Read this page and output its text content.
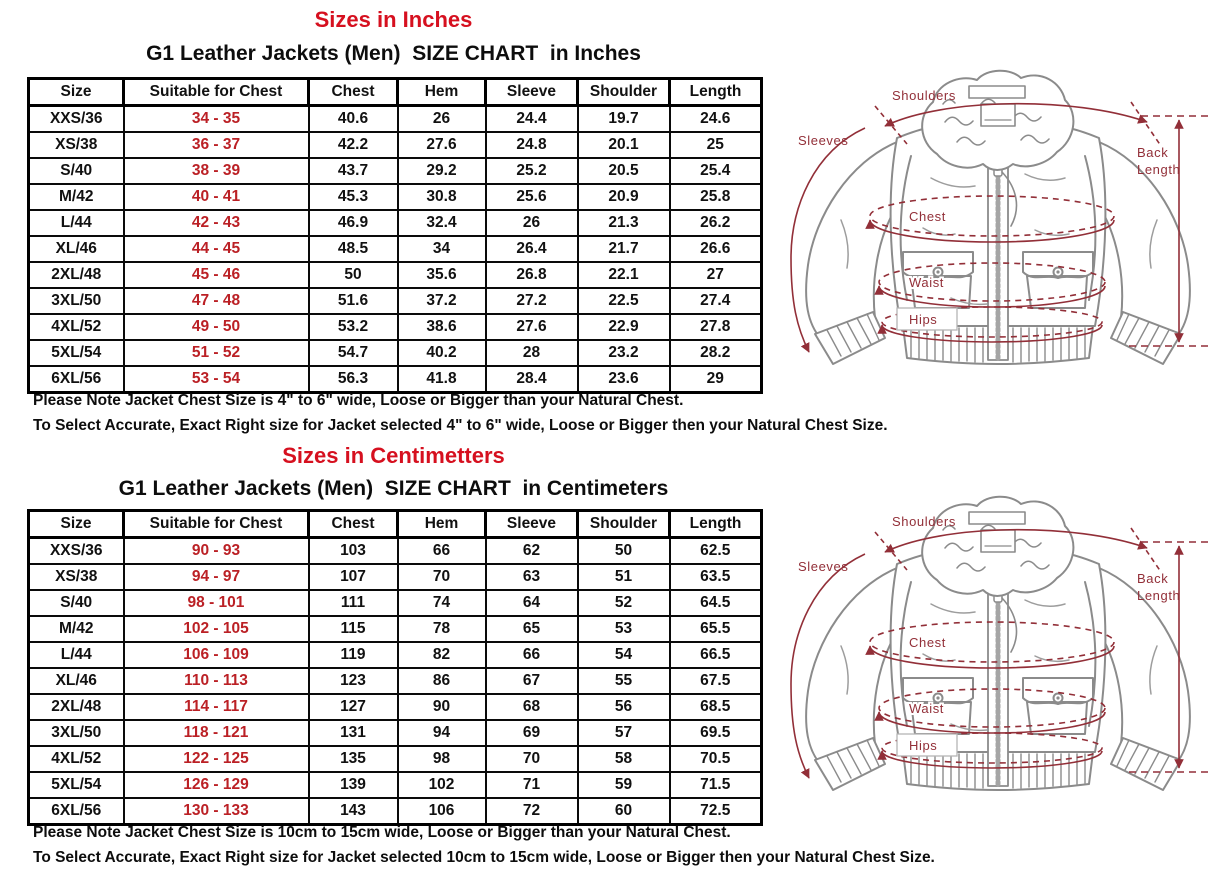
Sizes in Inches
G1 Leather Jackets (Men)  SIZE CHART  in Inches
Size	Suitable for Chest	Chest	Hem	Sleeve	Shoulder	Length
XXS/36	34 - 35	40.6	26	24.4	19.7	24.6
XS/38	36 - 37	42.2	27.6	24.8	20.1	25
S/40	38 - 39	43.7	29.2	25.2	20.5	25.4
M/42	40 - 41	45.3	30.8	25.6	20.9	25.8
L/44	42 - 43	46.9	32.4	26	21.3	26.2
XL/46	44 - 45	48.5	34	26.4	21.7	26.6
2XL/48	45 - 46	50	35.6	26.8	22.1	27
3XL/50	47 - 48	51.6	37.2	27.2	22.5	27.4
4XL/52	49 - 50	53.2	38.6	27.6	22.9	27.8
5XL/54	51 - 52	54.7	40.2	28	23.2	28.2
6XL/56	53 - 54	56.3	41.8	28.4	23.6	29

Please Note Jacket Chest Size is 4" to 6" wide, Loose or Bigger than your Natural Chest.

To Select Accurate, Exact Right size for Jacket selected 4" to 6" wide, Loose or Bigger then your Natural Chest Size.

Sizes in Centimetters
G1 Leather Jackets (Men)  SIZE CHART  in Centimeters
Size	Suitable for Chest	Chest	Hem	Sleeve	Shoulder	Length
XXS/36	90 - 93	103	66	62	50	62.5
XS/38	94 - 97	107	70	63	51	63.5
S/40	98 - 101	111	74	64	52	64.5
M/42	102 - 105	115	78	65	53	65.5
L/44	106 - 109	119	82	66	54	66.5
XL/46	110 - 113	123	86	67	55	67.5
2XL/48	114 - 117	127	90	68	56	68.5
3XL/50	118 - 121	131	94	69	57	69.5
4XL/52	122 - 125	135	98	70	58	70.5
5XL/54	126 - 129	139	102	71	59	71.5
6XL/56	130 - 133	143	106	72	60	72.5

Please Note Jacket Chest Size is 10cm to 15cm wide, Loose or Bigger than your Natural Chest.

To Select Accurate, Exact Right size for Jacket selected 10cm to 15cm wide, Loose or Bigger then your Natural Chest Size.

Shoulders
Sleeves
Chest
Waist
Hips
Back
Length
Shoulders
Sleeves
Chest
Waist
Hips
Back
Length
